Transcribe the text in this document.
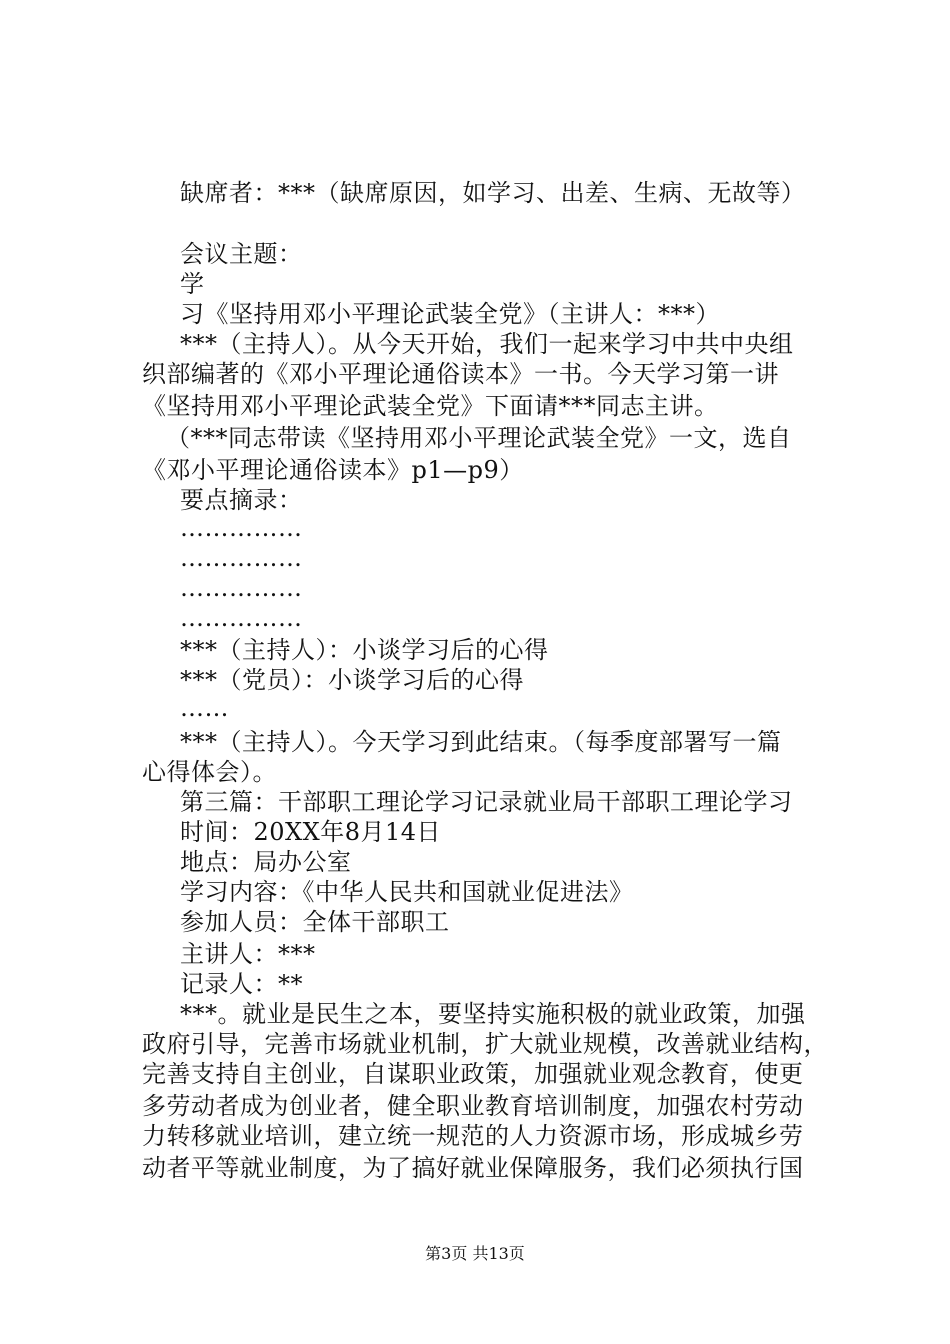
缺席者：***（缺席原因，如学习、出差、生病、无故等）
会议主题：
学
习《坚持用邓小平理论武装全党》（主讲人：***）
***（主持人）。从今天开始，我们一起来学习中共中央组
织部编著的《邓小平理论通俗读本》一书。今天学习第一讲
《坚持用邓小平理论武装全党》下面请***同志主讲。
（***同志带读《坚持用邓小平理论武装全党》一文，选自
《邓小平理论通俗读本》p1—p9）
要点摘录：
……………
……………
……………
……………
***（主持人）：小谈学习后的心得
***（党员）：小谈学习后的心得
……
***（主持人）。今天学习到此结束。（每季度部署写一篇
心得体会）。
第三篇：干部职工理论学习记录就业局干部职工理论学习
时间：20XX年8月14日
地点：局办公室
学习内容：《中华人民共和国就业促进法》
参加人员：全体干部职工
主讲人：***
记录人：**
***。就业是民生之本，要坚持实施积极的就业政策，加强
政府引导，完善市场就业机制，扩大就业规模，改善就业结构，
完善支持自主创业，自谋职业政策，加强就业观念教育，使更
多劳动者成为创业者，健全职业教育培训制度，加强农村劳动
力转移就业培训，建立统一规范的人力资源市场，形成城乡劳
动者平等就业制度，为了搞好就业保障服务，我们必须执行国
第3页 共13页
